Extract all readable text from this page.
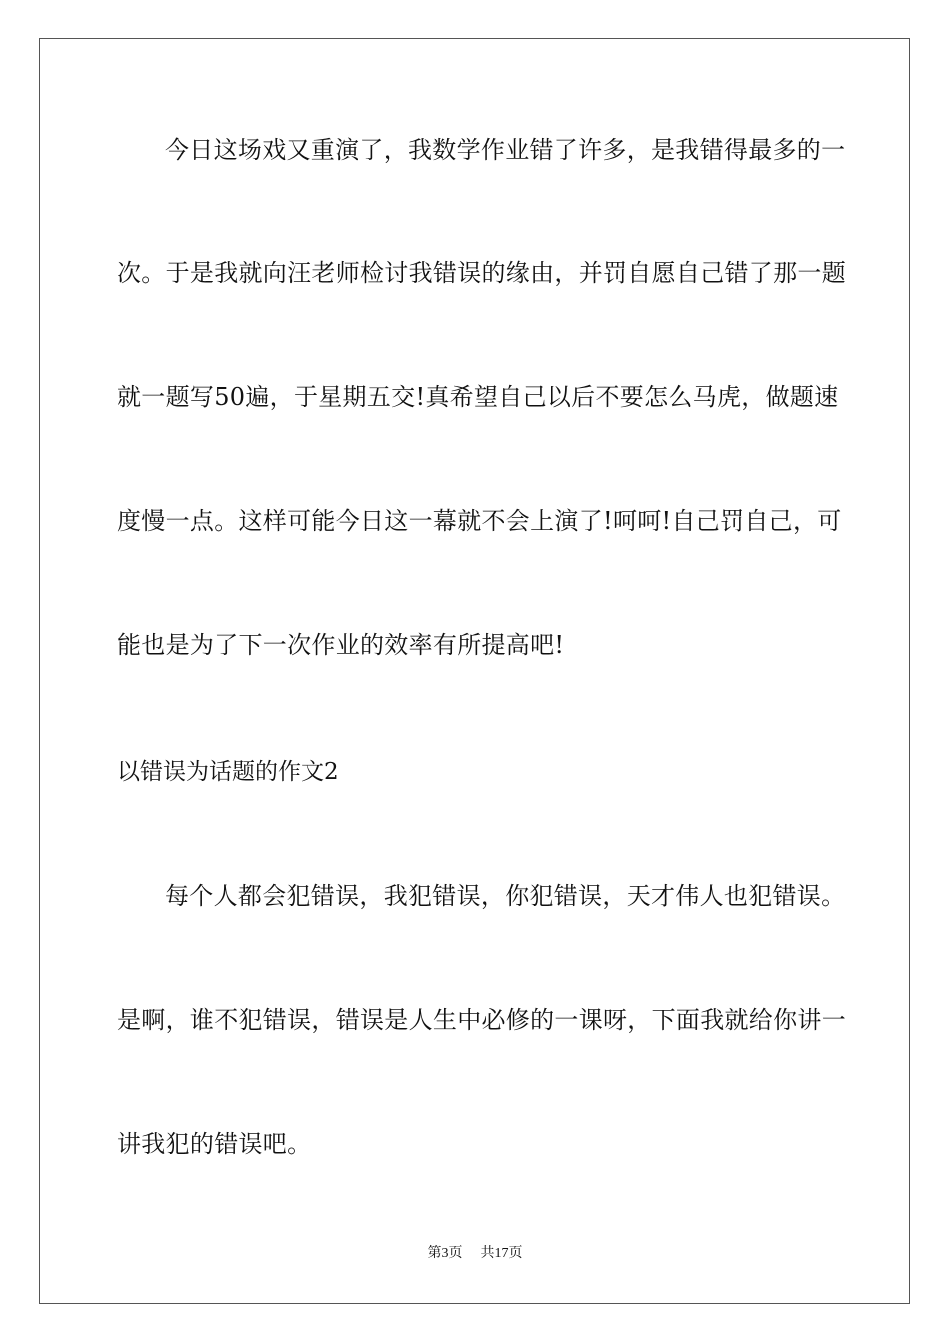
今日这场戏又重演了，我数学作业错了许多，是我错得最多的一
次。于是我就向汪老师检讨我错误的缘由，并罚自愿自己错了那一题
就一题写50遍，于星期五交!真希望自己以后不要怎么马虎，做题速
度慢一点。这样可能今日这一幕就不会上演了!呵呵!自己罚自己，可
能也是为了下一次作业的效率有所提高吧!
以错误为话题的作文2
每个人都会犯错误，我犯错误，你犯错误，天才伟人也犯错误。
是啊，谁不犯错误，错误是人生中必修的一课呀，下面我就给你讲一
讲我犯的错误吧。
第3页 共17页
